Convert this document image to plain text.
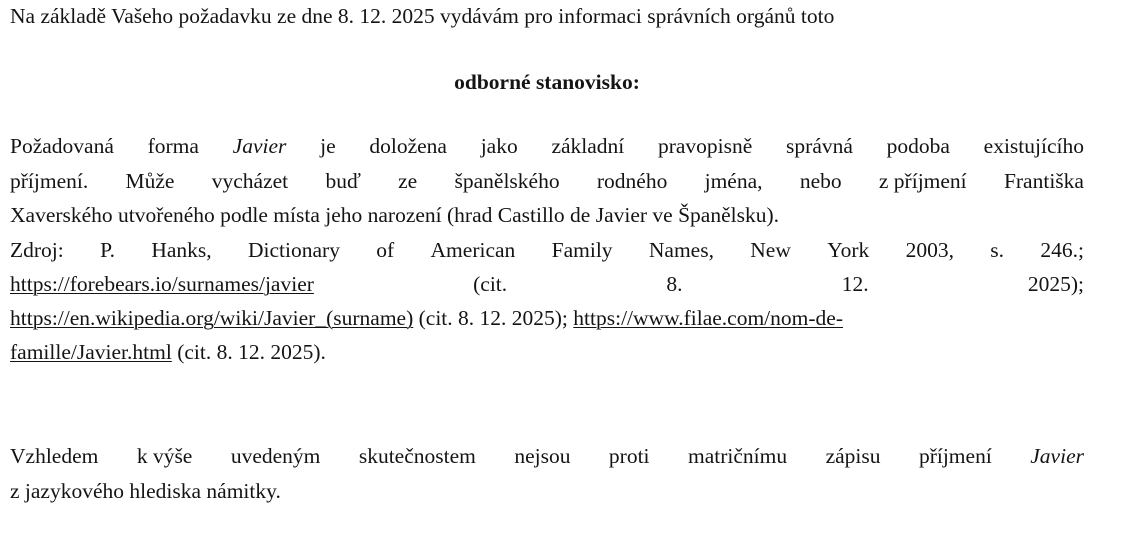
Na základě Vašeho požadavku ze dne 8. 12. 2025 vydávám pro informaci správních orgánů toto
odborné stanovisko:
Požadovaná forma Javier je doložena jako základní pravopisně správná podoba existujícího
příjmení. Může vycházet buď ze španělského rodného jména, nebo z příjmení Františka
Xaverského utvořeného podle místa jeho narození (hrad Castillo de Javier ve Španělsku).
Zdroj: P. Hanks, Dictionary of American Family Names, New York 2003, s. 246.;
https://forebears.io/surnames/javier	(cit.	8.	12.	2025);
https://en.wikipedia.org/wiki/Javier_(surname) (cit. 8. 12. 2025); https://www.filae.com/nom-de-
famille/Javier.html (cit. 8. 12. 2025).
Vzhledem k výše uvedeným skutečnostem nejsou proti matričnímu zápisu příjmení Javier
z jazykového hlediska námitky.
